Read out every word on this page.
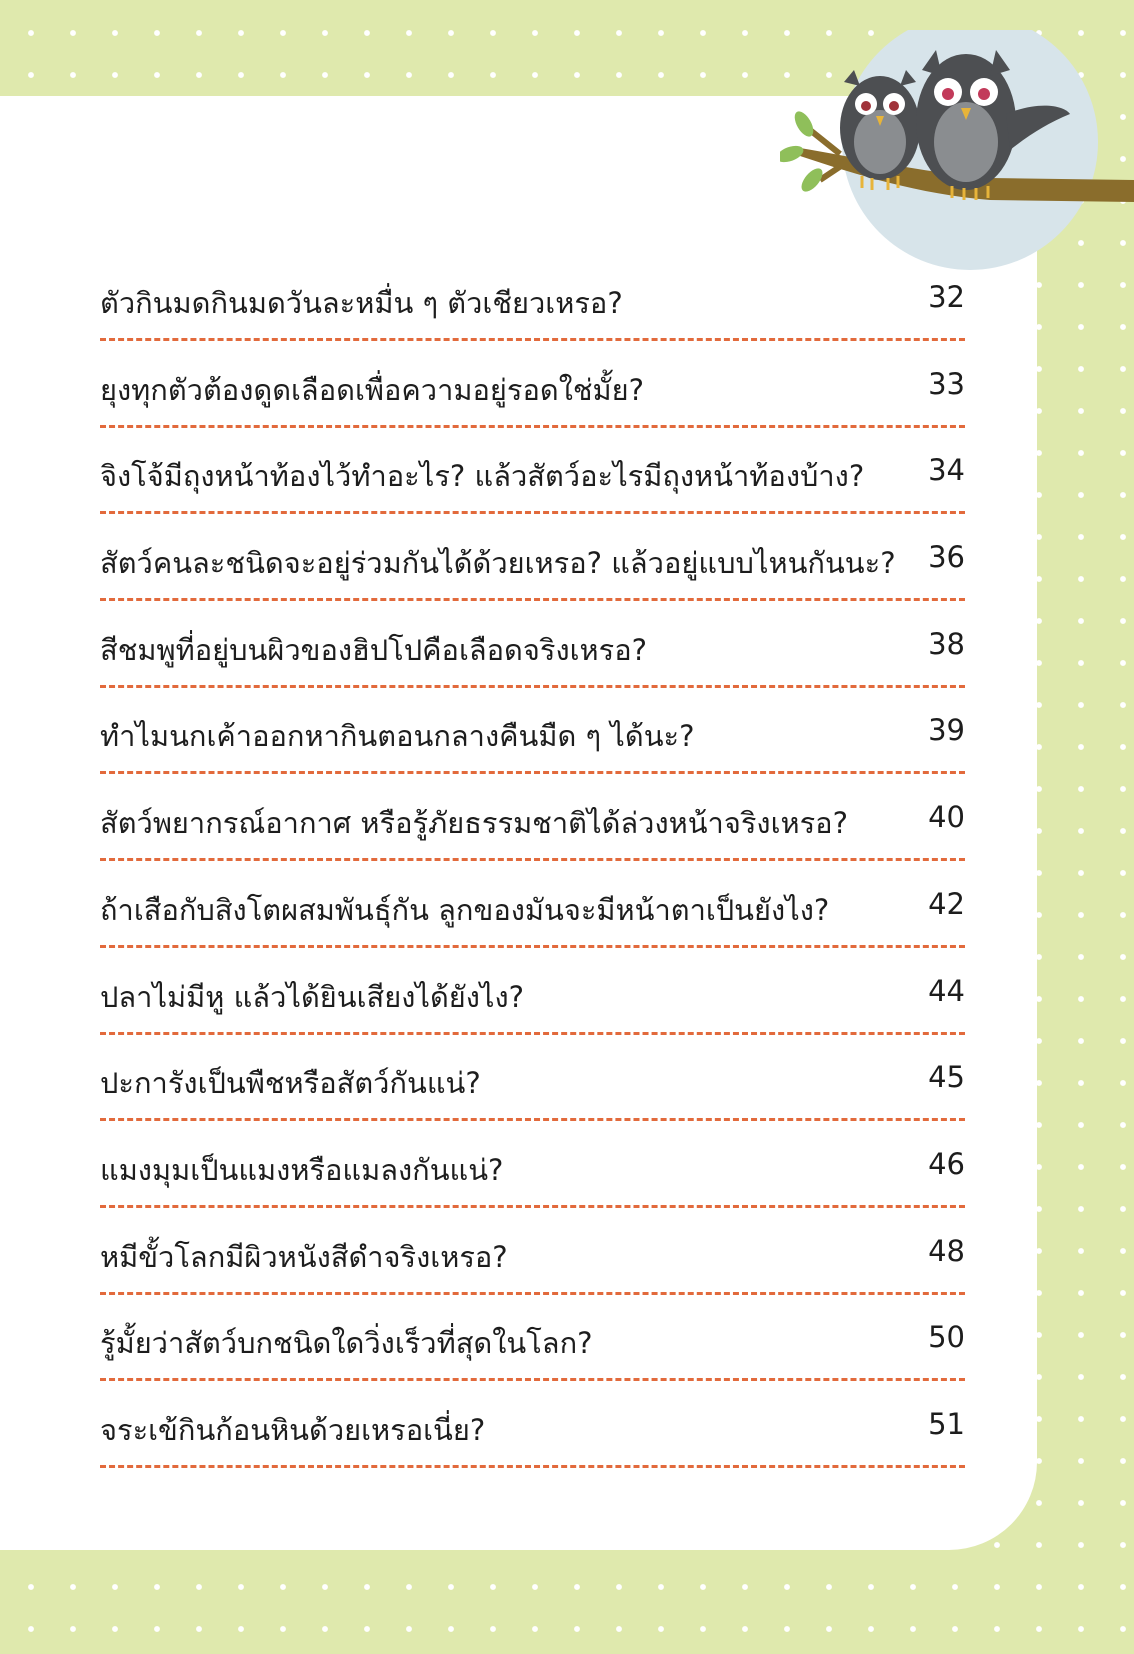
ตัวกินมดกินมดวันละหมื่น ๆ ตัวเชียวเหรอ?	32
ยุงทุกตัวต้องดูดเลือดเพื่อความอยู่รอดใช่มั้ย?	33
จิงโจ้มีถุงหน้าท้องไว้ทำอะไร? แล้วสัตว์อะไรมีถุงหน้าท้องบ้าง? 34
สัตว์คนละชนิดจะอยู่ร่วมกันได้ด้วยเหรอ? แล้วอยู่แบบไหนกันนะ? 36
สีชมพูที่อยู่บนผิวของฮิปโปคือเลือดจริงเหรอ?	38
ทำไมนกเค้าออกหากินตอนกลางคืนมืด ๆ ได้นะ?	39
สัตว์พยากรณ์อากาศ หรือรู้ภัยธรรมชาติได้ล่วงหน้าจริงเหรอ?	40
ถ้าเสือกับสิงโตผสมพันธุ์กัน ลูกของมันจะมีหน้าตาเป็นยังไง?	42
ปลาไม่มีหู แล้วได้ยินเสียงได้ยังไง?	44
ปะการังเป็นพืชหรือสัตว์กันแน่?	45
แมงมุมเป็นแมงหรือแมลงกันแน่?	46
หมีขั้วโลกมีผิวหนังสีดำจริงเหรอ?	48
รู้มั้ยว่าสัตว์บกชนิดใดวิ่งเร็วที่สุดในโลก?	50
จระเข้กินก้อนหินด้วยเหรอเนี่ย?	51
